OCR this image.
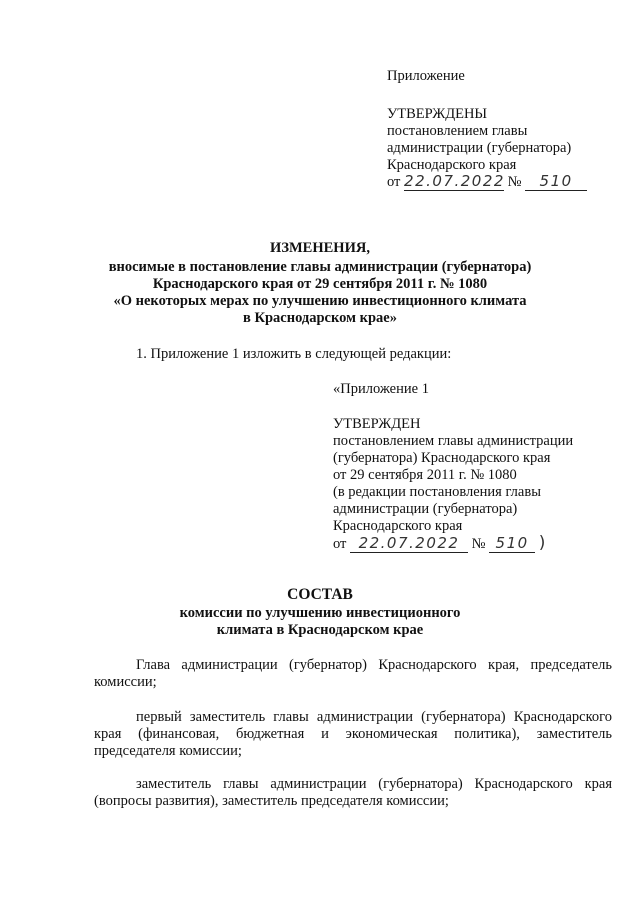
Приложение
УТВЕРЖДЕНЫ
постановлением главы
администрации (губернатора)
Краснодарского края
от 22.07.2022 № 510
ИЗМЕНЕНИЯ,
вносимые в постановление главы администрации (губернатора)
Краснодарского края от 29 сентября 2011 г. № 1080
«О некоторых мерах по улучшению инвестиционного климата
в Краснодарском крае»
1. Приложение 1 изложить в следующей редакции:
«Приложение 1
УТВЕРЖДЕН
постановлением главы администрации
(губернатора) Краснодарского края
от 29 сентября 2011 г. № 1080
(в редакции постановления главы
администрации (губернатора)
Краснодарского края
от 22.07.2022 № 510 )
СОСТАВ
комиссии по улучшению инвестиционного
климата в Краснодарском крае
Глава администрации (губернатор) Краснодарского края, председатель комиссии;
первый заместитель главы администрации (губернатора) Краснодарского края (финансовая, бюджетная и экономическая политика), заместитель председателя комиссии;
заместитель главы администрации (губернатора) Краснодарского края (вопросы развития), заместитель председателя комиссии;
